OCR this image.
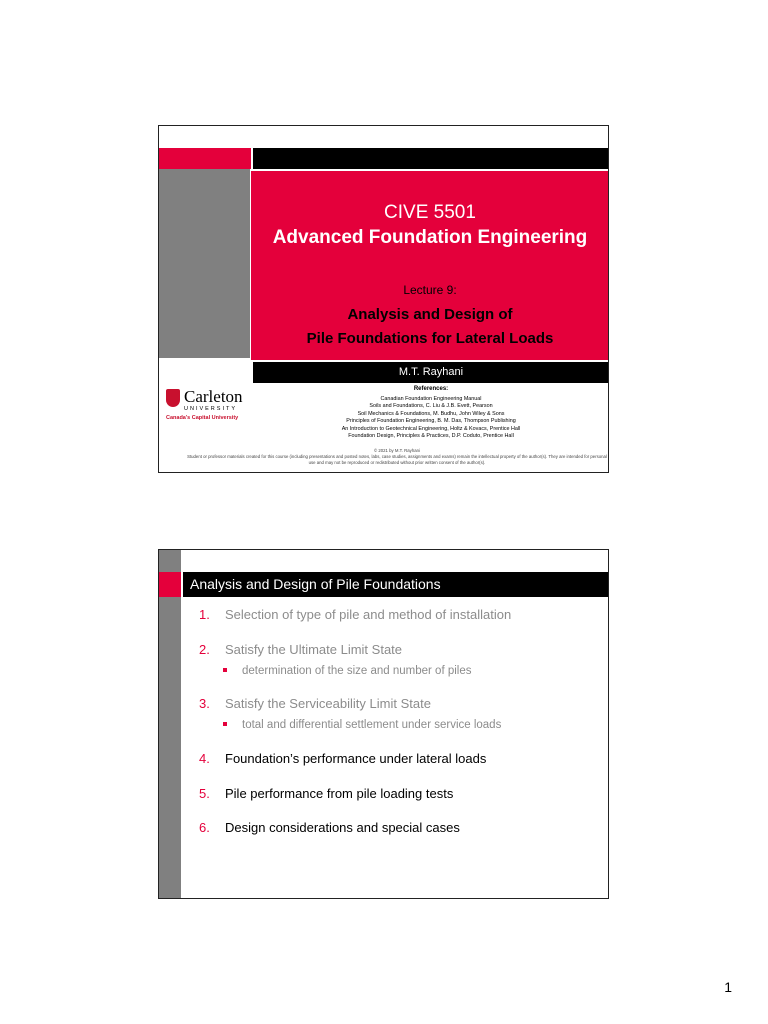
CIVE 5501
Advanced Foundation Engineering
Lecture 9:
Analysis and Design of
Pile Foundations for Lateral Loads
M.T. Rayhani
Carleton
UNIVERSITY
Canada's Capital University
References:
Canadian Foundation Engineering Manual
Soils and Foundations, C. Liu & J.B. Evett, Pearson
Soil Mechanics & Foundations, M. Budhu, John Wiley & Sons
Principles of Foundation Engineering, B. M. Das, Thompson Publishing
An Introduction to Geotechnical Engineering, Holtz & Kovacs, Prentice Hall
Foundation Design, Principles & Practices, D.P. Coduto, Prentice Hall
© 2021 by M.T. Rayhani
Student or professor materials created for this course (including presentations and posted notes, labs, case studies, assignments and exams) remain the intellectual property of the author(s). They are intended for personal use and may not be reproduced or redistributed without prior written consent of the author(s).
Analysis and Design of Pile Foundations
1. Selection of type of pile and method of installation
2. Satisfy the Ultimate Limit State
determination of the size and number of piles
3. Satisfy the Serviceability Limit State
total and differential settlement under service loads
4. Foundation’s performance under lateral loads
5. Pile performance from pile loading tests
6. Design considerations and special cases
1
